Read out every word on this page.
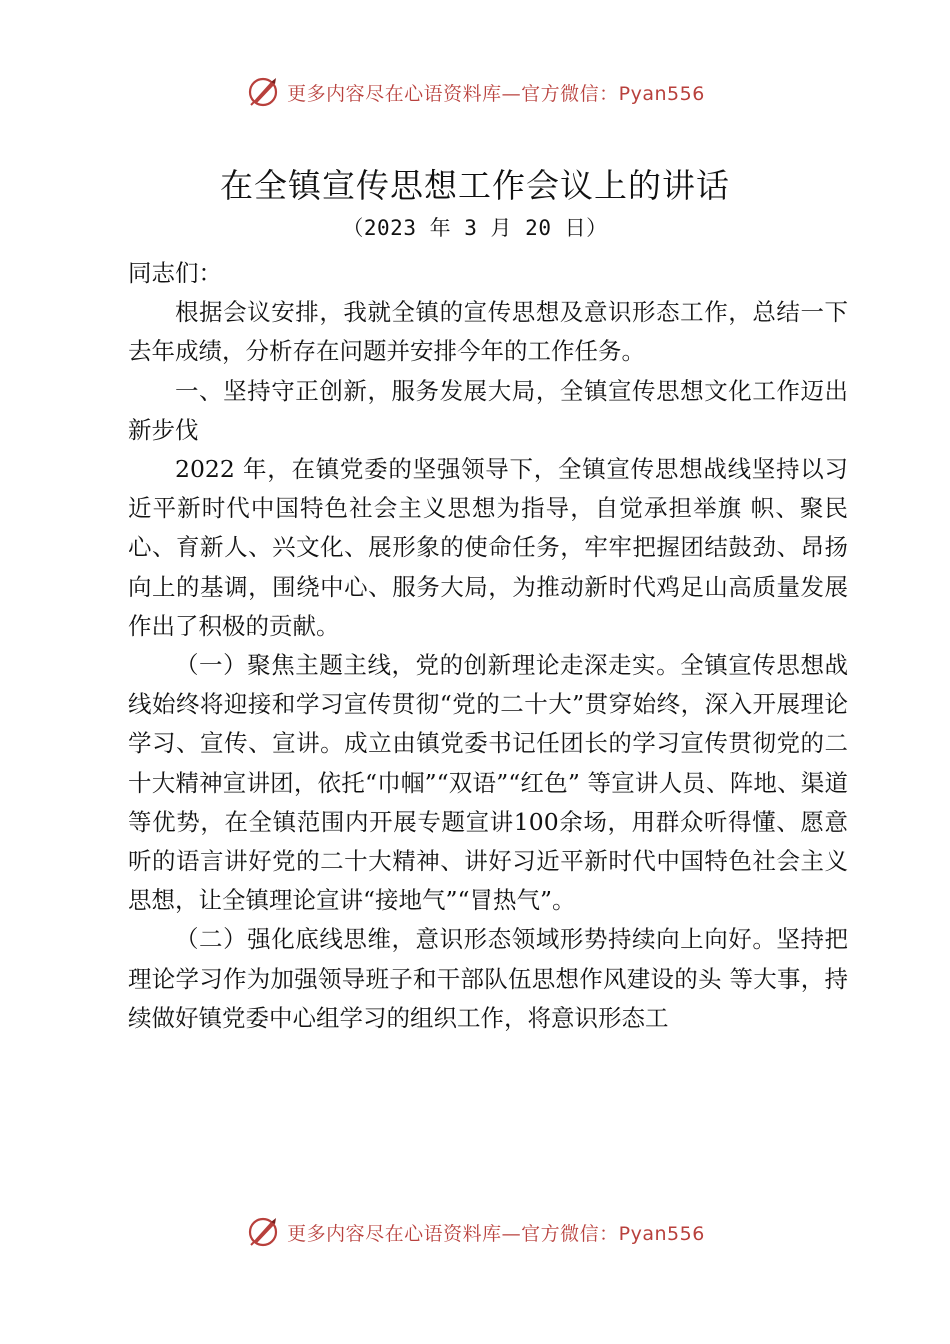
更多内容尽在心语资料库—官方微信：Pyan556
在全镇宣传思想工作会议上的讲话
（2023 年 3 月 20 日）

同志们：

根据会议安排，我就全镇的宣传思想及意识形态工作，总结一下去年成绩，分析存在问题并安排今年的工作任务。

一、坚持守正创新，服务发展大局，全镇宣传思想文化工作迈出新步伐

2022 年，在镇党委的坚强领导下，全镇宣传思想战线坚持以习近平新时代中国特色社会主义思想为指导，自觉承担举旗 帜、聚民心、育新人、兴文化、展形象的使命任务，牢牢把握团结鼓劲、昂扬向上的基调，围绕中心、服务大局，为推动新时代鸡足山高质量发展作出了积极的贡献。

（一）聚焦主题主线，党的创新理论走深走实。全镇宣传思想战线始终将迎接和学习宣传贯彻“党的二十大”贯穿始终，深入开展理论学习、宣传、宣讲。成立由镇党委书记任团长的学习宣传贯彻党的二十大精神宣讲团，依托“巾帼”“双语”“红色” 等宣讲人员、阵地、渠道等优势，在全镇范围内开展专题宣讲100余场，用群众听得懂、愿意听的语言讲好党的二十大精神、讲好习近平新时代中国特色社会主义思想，让全镇理论宣讲“接地气”“冒热气”。

（二）强化底线思维，意识形态领域形势持续向上向好。坚持把理论学习作为加强领导班子和干部队伍思想作风建设的头 等大事，持续做好镇党委中心组学习的组织工作，将意识形态工

更多内容尽在心语资料库—官方微信：Pyan556
